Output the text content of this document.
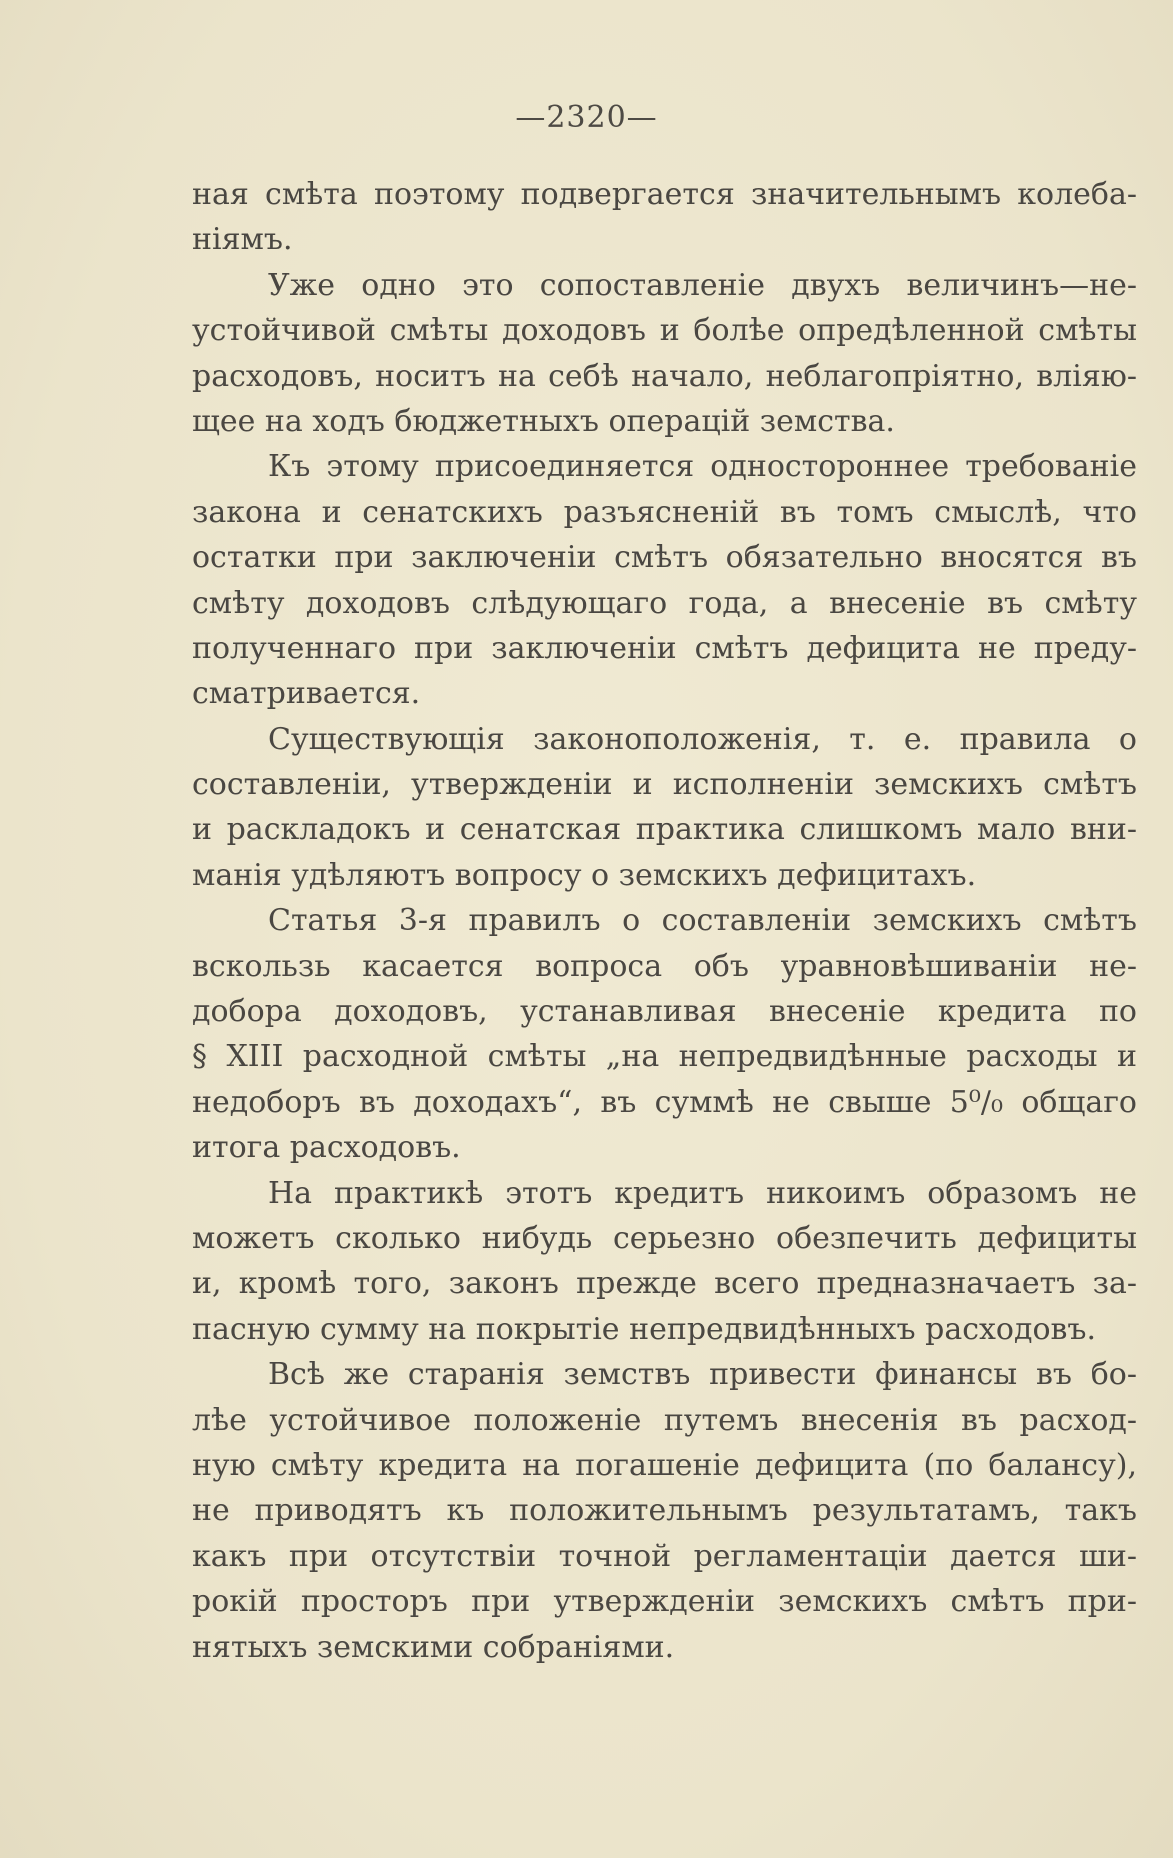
—2320—

ная смѣта поэтому подвергается значительнымъ колеба-
ніямъ.

Уже одно это сопоставленіе двухъ величинъ—не-
устойчивой смѣты доходовъ и болѣе опредѣленной смѣты
расходовъ, носитъ на себѣ начало, неблагопріятно, вліяю-
щее на ходъ бюджетныхъ операцій земства.

Къ этому присоединяется одностороннее требованіе
закона и сенатскихъ разъясненій въ томъ смыслѣ, что
остатки при заключеніи смѣтъ обязательно вносятся въ
смѣту доходовъ слѣдующаго года, а внесеніе въ смѣту
полученнаго при заключеніи смѣтъ дефицита не преду-
сматривается.

Существующія законоположенія, т. е. правила о
составленіи, утвержденіи и исполненіи земскихъ смѣтъ
и раскладокъ и сенатская практика слишкомъ мало вни-
манія удѣляютъ вопросу о земскихъ дефицитахъ.

Статья 3-я правилъ о составленіи земскихъ смѣтъ
вскользь касается вопроса объ уравновѣшиваніи не-
добора доходовъ, устанавливая внесеніе кредита по
§ XIII расходной смѣты „на непредвидѣнные расходы и
недоборъ въ доходахъ“, въ суммѣ не свыше 5⁰/₀ общаго
итога расходовъ.

На практикѣ этотъ кредитъ никоимъ образомъ не
можетъ сколько нибудь серьезно обезпечить дефициты
и, кромѣ того, законъ прежде всего предназначаетъ за-
пасную сумму на покрытіе непредвидѣнныхъ расходовъ.

Всѣ же старанія земствъ привести финансы въ бо-
лѣе устойчивое положеніе путемъ внесенія въ расход-
ную смѣту кредита на погашеніе дефицита (по балансу),
не приводятъ къ положительнымъ результатамъ, такъ
какъ при отсутствіи точной регламентаціи дается ши-
рокій просторъ при утвержденіи земскихъ смѣтъ при-
нятыхъ земскими собраніями.
